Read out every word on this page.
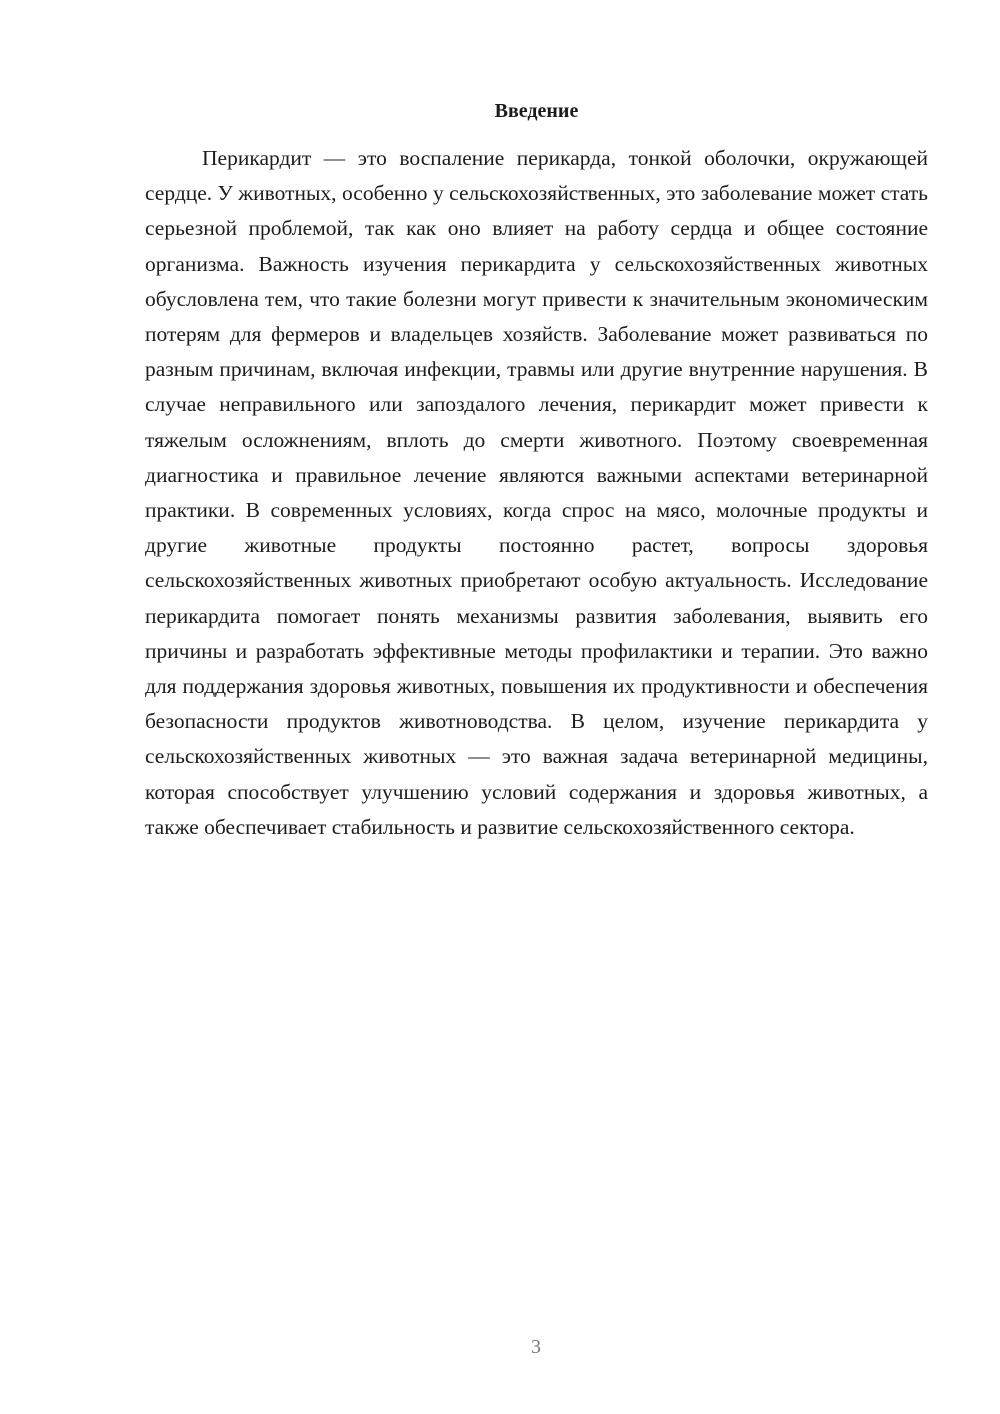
Введение

Перикардит — это воспаление перикарда, тонкой оболочки, окружающей сердце. У животных, особенно у сельскохозяйственных, это заболевание может стать серьезной проблемой, так как оно влияет на работу сердца и общее состояние организма. Важность изучения перикардита у сельскохозяйственных животных обусловлена тем, что такие болезни могут привести к значительным экономическим потерям для фермеров и владельцев хозяйств. Заболевание может развиваться по разным причинам, включая инфекции, травмы или другие внутренние нарушения. В случае неправильного или запоздалого лечения, перикардит может привести к тяжелым осложнениям, вплоть до смерти животного. Поэтому своевременная диагностика и правильное лечение являются важными аспектами ветеринарной практики. В современных условиях, когда спрос на мясо, молочные продукты и другие животные продукты постоянно растет, вопросы здоровья сельскохозяйственных животных приобретают особую актуальность. Исследование перикардита помогает понять механизмы развития заболевания, выявить его причины и разработать эффективные методы профилактики и терапии. Это важно для поддержания здоровья животных, повышения их продуктивности и обеспечения безопасности продуктов животноводства. В целом, изучение перикардита у сельскохозяйственных животных — это важная задача ветеринарной медицины, которая способствует улучшению условий содержания и здоровья животных, а также обеспечивает стабильность и развитие сельскохозяйственного сектора.

3
